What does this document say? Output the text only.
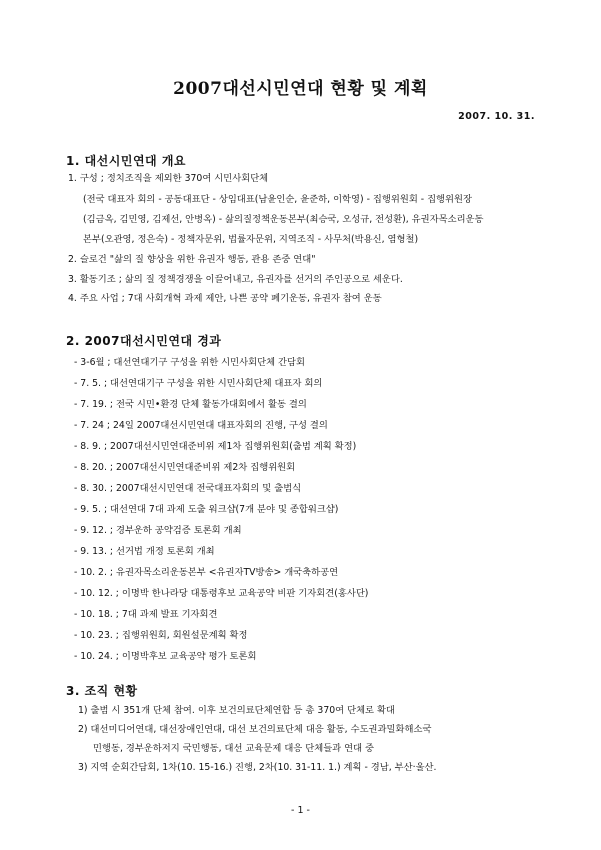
2007대선시민연대 현황 및 계획
2007. 10. 31.
1. 대선시민연대 개요
1. 구성 ; 정치조직을 제외한 370여 시민사회단체
(전국 대표자 회의 - 공동대표단 - 상임대표(남윤인순, 윤준하, 이학영) - 집행위원회 - 집행위원장
(김금옥, 김민영, 김제선, 안병옥) - 삶의질정책운동본부(최승국, 오성규, 전성환), 유권자목소리운동
본부(오관영, 정은숙) - 정책자문위, 법률자문위, 지역조직 - 사무처(박용신, 염형철)
2. 슬로건 "삶의 질 향상을 위한 유권자 행동, 관용 존중 연대"
3. 활동기조 ; 삶의 질 정책경쟁을 이끌어내고, 유권자를 선거의 주인공으로 세운다.
4. 주요 사업 ; 7대 사회개혁 과제 제안, 나쁜 공약 폐기운동, 유권자 참여 운동
2. 2007대선시민연대 경과
- 3-6월 ; 대선연대기구 구성을 위한 시민사회단체 간담회
- 7. 5. ; 대선연대기구 구성을 위한 시민사회단체 대표자 회의
- 7. 19. ; 전국 시민•환경 단체 활동가대회에서 활동 결의
- 7. 24 ; 24일 2007대선시민연대 대표자회의 진행, 구성 결의
- 8. 9. ; 2007대선시민연대준비위 제1차 집행위원회(출범 계획 확정)
- 8. 20. ; 2007대선시민연대준비위 제2차 집행위원회
- 8. 30. ; 2007대선시민연대 전국대표자회의 및 출범식
- 9. 5. ; 대선연대 7대 과제 도출 워크샵(7개 분야 및 종합워크샵)
- 9. 12. ; 경부운하 공약검증 토론회 개최
- 9. 13. ; 선거법 개정 토론회 개최
- 10. 2. ; 유권자목소리운동본부 <유권자TV방송> 개국축하공연
- 10. 12. ; 이명박 한나라당 대통령후보 교육공약 비판 기자회견(홍사단)
- 10. 18. ; 7대 과제 발표 기자회견
- 10. 23. ; 집행위원회, 회원설문계획 확정
- 10. 24. ; 이명박후보 교육공약 평가 토론회
3. 조직 현황
1) 출범 시 351개 단체 참여. 이후 보건의료단체연합 등 총 370여 단체로 확대
2) 대선미디어연대, 대선장애인연대, 대선 보건의료단체 대응 활동, 수도권과밀화해소국
민행동, 경부운하저지 국민행동, 대선 교육문제 대응 단체들과 연대 중
3) 지역 순회간담회, 1차(10. 15-16.) 진행, 2차(10. 31-11. 1.) 계획 - 경남, 부산·울산.
- 1 -
